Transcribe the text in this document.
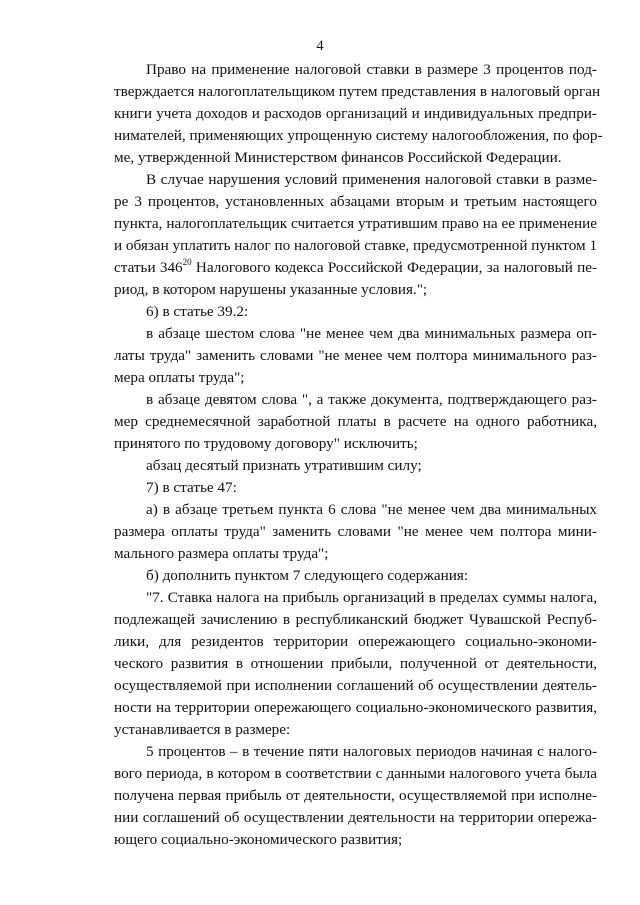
4
Право на применение налоговой ставки в размере 3 процентов под-
тверждается налогоплательщиком путем представления в налоговый орган
книги учета доходов и расходов организаций и индивидуальных предпри-
нимателей, применяющих упрощенную систему налогообложения, по фор-
ме, утвержденной Министерством финансов Российской Федерации.
В случае нарушения условий применения налоговой ставки в разме-
ре 3 процентов, установленных абзацами вторым и третьим настоящего
пункта, налогоплательщик считается утратившим право на ее применение
и обязан уплатить налог по налоговой ставке, предусмотренной пунктом 1
статьи $346^{20}$ Налогового кодекса Российской Федерации, за налоговый пе-
риод, в котором нарушены указанные условия.";
6) в статье 39.2:
в абзаце шестом слова "не менее чем два минимальных размера оп-
латы труда" заменить словами "не менее чем полтора минимального раз-
мера оплаты труда";
в абзаце девятом слова ", а также документа, подтверждающего раз-
мер среднемесячной заработной платы в расчете на одного работника,
принятого по трудовому договору" исключить;
абзац десятый признать утратившим силу;
7) в статье 47:
а) в абзаце третьем пункта 6 слова "не менее чем два минимальных
размера оплаты труда" заменить словами "не менее чем полтора мини-
мального размера оплаты труда";
б) дополнить пунктом 7 следующего содержания:
"7. Ставка налога на прибыль организаций в пределах суммы налога,
подлежащей зачислению в республиканский бюджет Чувашской Респуб-
лики, для резидентов территории опережающего социально-экономи-
ческого развития в отношении прибыли, полученной от деятельности,
осуществляемой при исполнении соглашений об осуществлении деятель-
ности на территории опережающего социально-экономического развития,
устанавливается в размере:
5 процентов – в течение пяти налоговых периодов начиная с налого-
вого периода, в котором в соответствии с данными налогового учета была
получена первая прибыль от деятельности, осуществляемой при исполне-
нии соглашений об осуществлении деятельности на территории опережа-
ющего социально-экономического развития;
